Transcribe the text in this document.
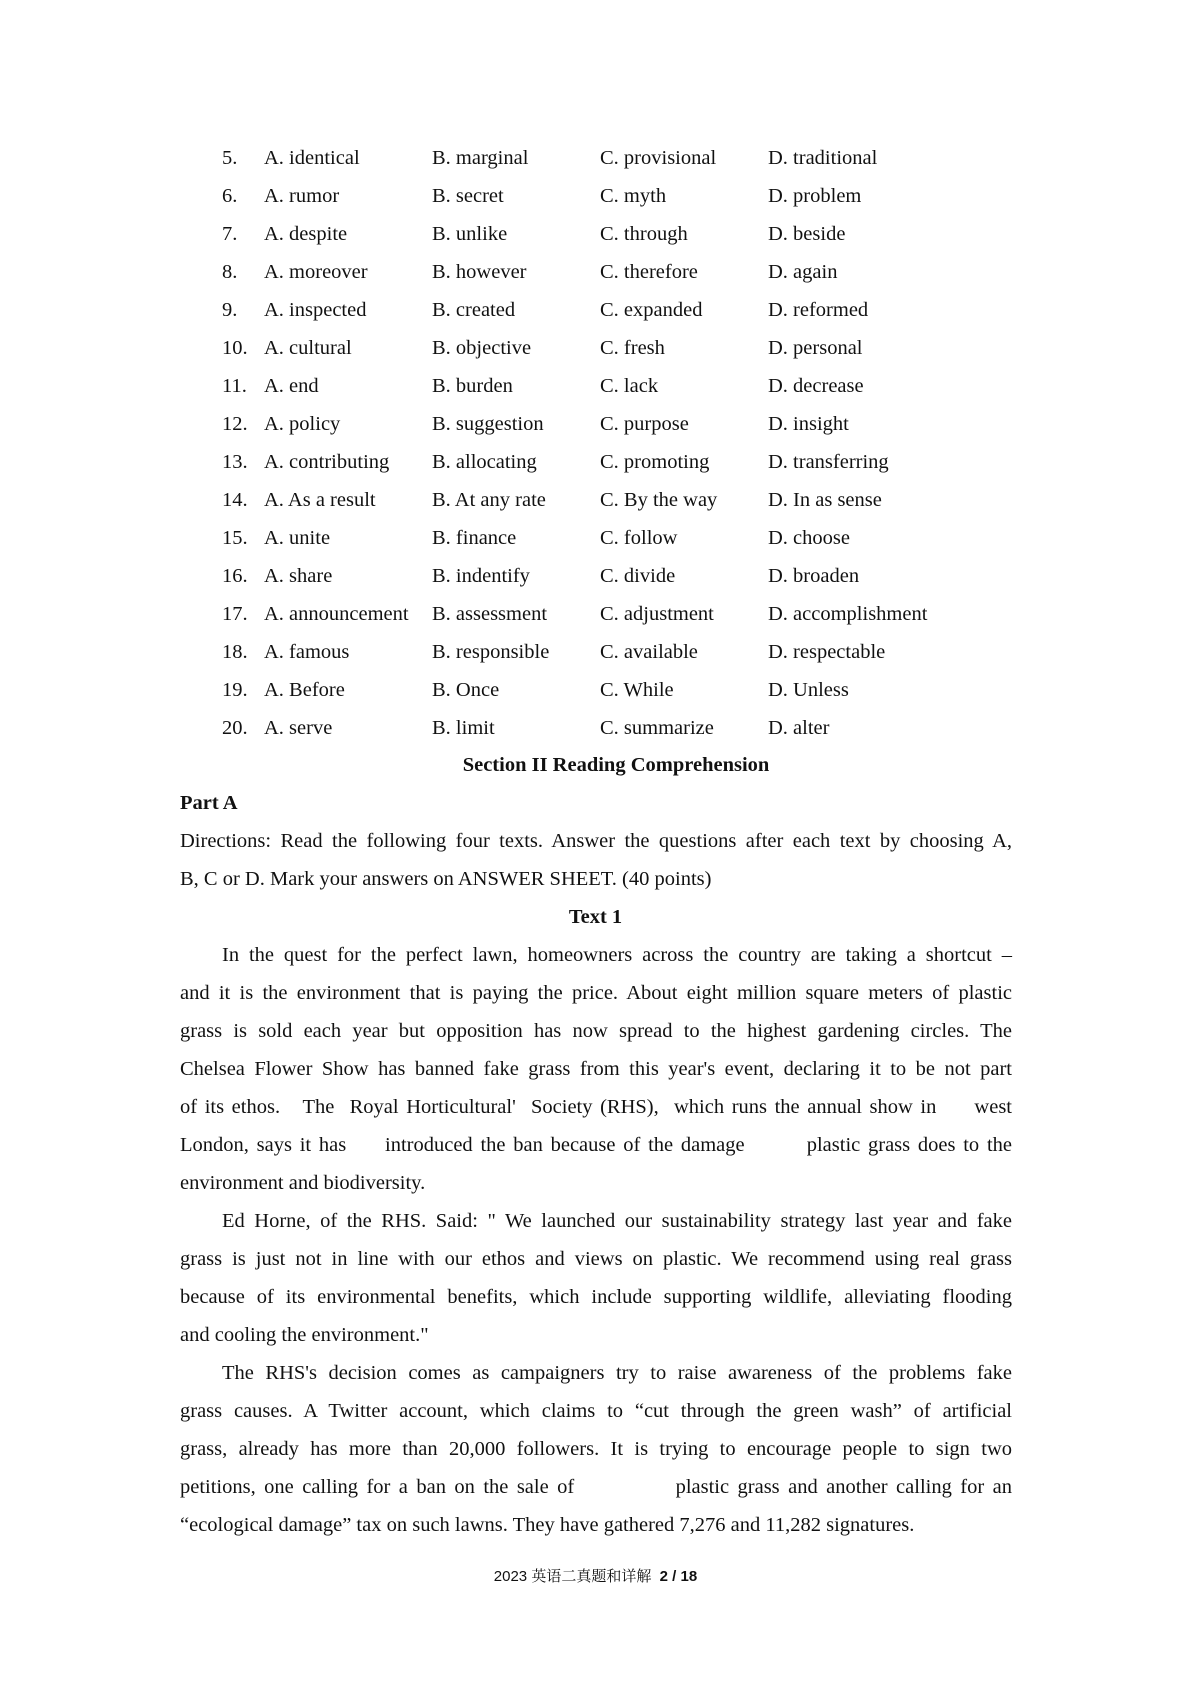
5. A. identical	B. marginal	C. provisional	D. traditional
6. A. rumor	B. secret	C. myth	D. problem
7. A. despite	B. unlike	C. through	D. beside
8. A. moreover	B. however	C. therefore	D. again
9. A. inspected	B. created	C. expanded	D. reformed
10. A. cultural	B. objective	C. fresh	D. personal
11. A. end	B. burden	C. lack	D. decrease
12. A. policy	B. suggestion	C. purpose	D. insight
13. A. contributing B. allocating	C. promoting	D. transferring
14. A. As a result	B. At any rate	C. By the way D. In as sense
15. A. unite	B. finance	C. follow	D. choose
16. A. share	B. indentify	C. divide	D. broaden
17. A. announcement B. assessment	C. adjustment	D. accomplishment
18. A. famous	B. responsible C. available	D. respectable
19. A. Before	B. Once	C. While	D. Unless
20. A. serve	B. limit	C. summarize	D. alter
Section II Reading Comprehension
Part A
Directions: Read the following four texts. Answer the questions after each text by choosing A,
B, C or D. Mark your answers on ANSWER SHEET. (40 points)
Text 1
In the quest for the perfect lawn, homeowners across the country are taking a shortcut –
and it is the environment that is paying the price. About eight million square meters of plastic
grass is sold each year but opposition has now spread to the highest gardening circles. The
Chelsea Flower Show has banned fake grass from this year's event, declaring it to be not part
of its ethos.   The  Royal Horticultural'  Society (RHS),  which runs the annual show in     west
London, says it has     introduced the ban because of the damage        plastic grass does to the
environment and biodiversity.
Ed Horne, of the RHS. Said: " We launched our sustainability strategy last year and fake
grass is just not in line with our ethos and views on plastic. We recommend using real grass
because of its environmental benefits, which include supporting wildlife, alleviating flooding
and cooling the environment."
The RHS's decision comes as campaigners try to raise awareness of the problems fake
grass causes. A Twitter account, which claims to “cut through the green wash” of artificial
grass, already has more than 20,000 followers. It is trying to encourage people to sign two
petitions, one calling for a ban on the sale of            plastic grass and another calling for an
“ecological damage” tax on such lawns. They have gathered 7,276 and 11,282 signatures.
2023 英语二真题和详解 2 / 18
